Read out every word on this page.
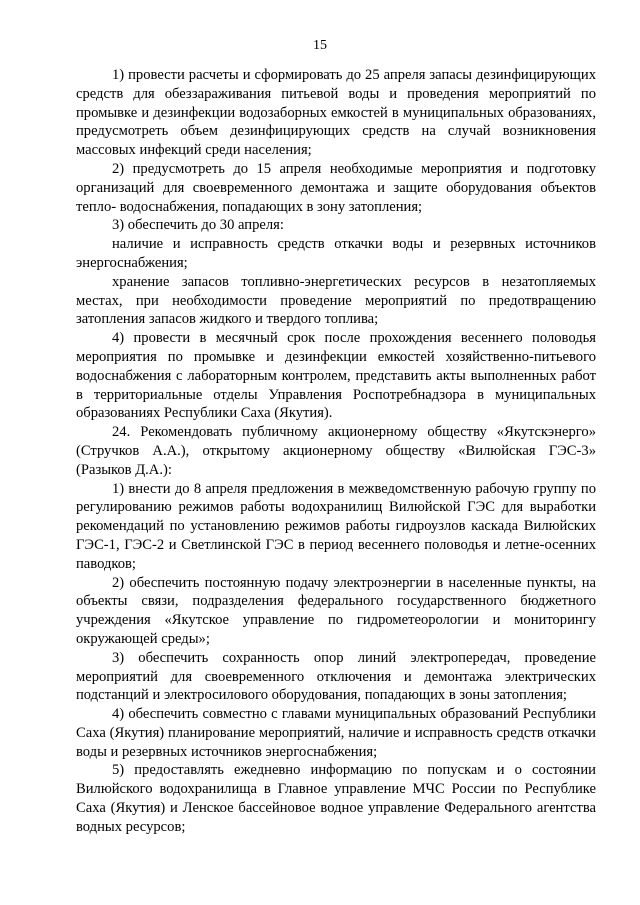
15

1) провести расчеты и сформировать до 25 апреля запасы дезинфицирующих средств для обеззараживания питьевой воды и проведения мероприятий по промывке и дезинфекции водозаборных емкостей в муниципальных образованиях, предусмотреть объем дезинфицирующих средств на случай возникновения массовых инфекций среди населения;

2) предусмотреть до 15 апреля необходимые мероприятия и подготовку организаций для своевременного демонтажа и защите оборудования объектов тепло- водоснабжения, попадающих в зону затопления;

3) обеспечить до 30 апреля:

наличие и исправность средств откачки воды и резервных источников энергоснабжения;

хранение запасов топливно-энергетических ресурсов в незатопляемых местах, при необходимости проведение мероприятий по предотвращению затопления запасов жидкого и твердого топлива;

4) провести в месячный срок после прохождения весеннего половодья мероприятия по промывке и дезинфекции емкостей хозяйственно-питьевого водоснабжения с лабораторным контролем, представить акты выполненных работ в территориальные отделы Управления Роспотребнадзора в муниципальных образованиях Республики Саха (Якутия).

24. Рекомендовать публичному акционерному обществу «Якутскэнерго» (Стручков А.А.), открытому акционерному обществу «Вилюйская ГЭС-3» (Разыков Д.А.):

1) внести до 8 апреля предложения в межведомственную рабочую группу по регулированию режимов работы водохранилищ Вилюйской ГЭС для выработки рекомендаций по установлению режимов работы гидроузлов каскада Вилюйских ГЭС-1, ГЭС-2 и Светлинской ГЭС в период весеннего половодья и летне-осенних паводков;

2) обеспечить постоянную подачу электроэнергии в населенные пункты, на объекты связи, подразделения федерального государственного бюджетного учреждения «Якутское управление по гидрометеорологии и мониторингу окружающей среды»;

3) обеспечить сохранность опор линий электропередач, проведение мероприятий для своевременного отключения и демонтажа электрических подстанций и электросилового оборудования, попадающих в зоны затопления;

4) обеспечить совместно с главами муниципальных образований Республики Саха (Якутия) планирование мероприятий, наличие и исправность средств откачки воды и резервных источников энергоснабжения;

5) предоставлять ежедневно информацию по попускам и о состоянии Вилюйского водохранилища в Главное управление МЧС России по Республике Саха (Якутия) и Ленское бассейновое водное управление Федерального агентства водных ресурсов;
